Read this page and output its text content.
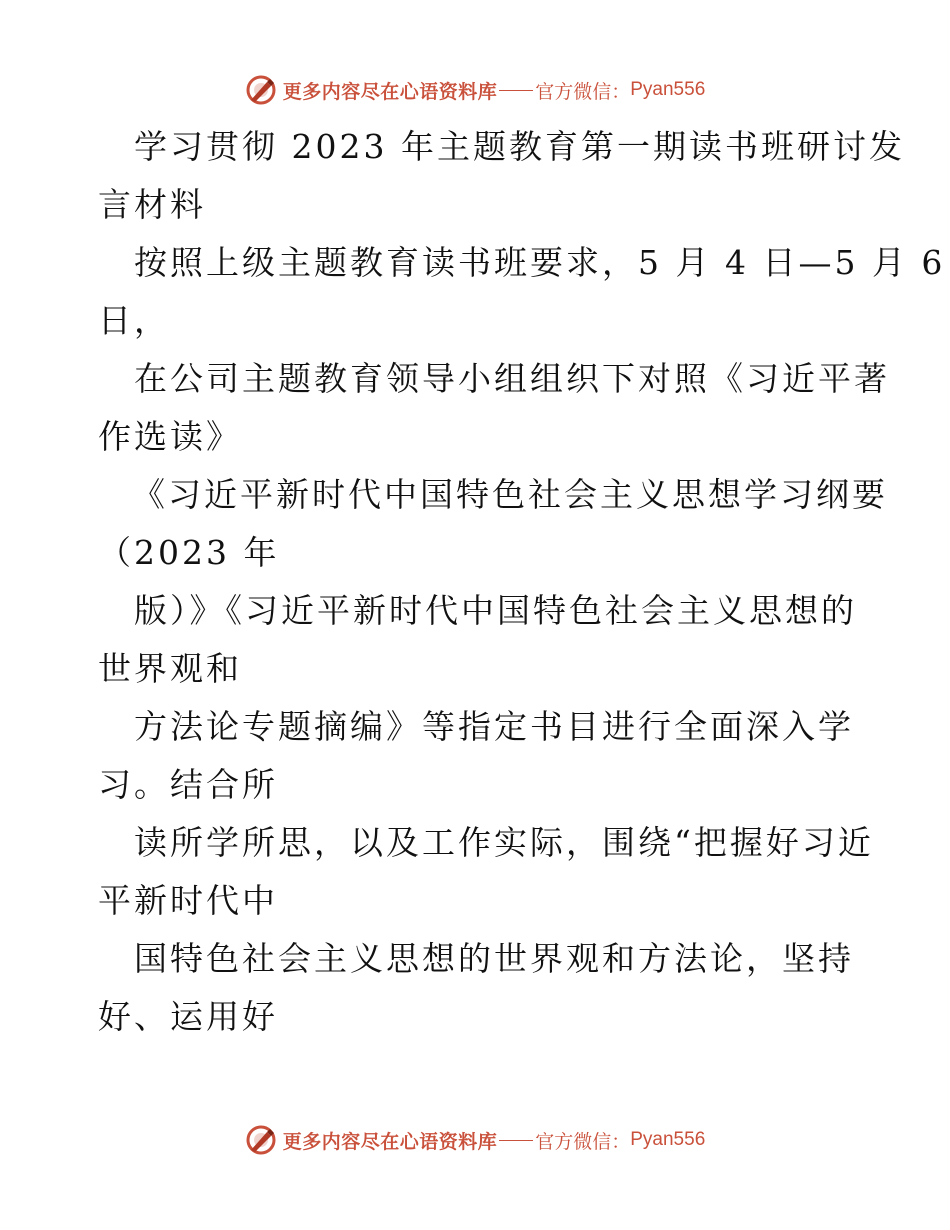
更多内容尽在心语资料库 官方微信： Pyan556
学习贯彻 2023 年主题教育第一期读书班研讨发
言材料
按照上级主题教育读书班要求，5 月 4 日—5 月 6
日，
在公司主题教育领导小组组织下对照《习近平著
作选读》
《习近平新时代中国特色社会主义思想学习纲要
（2023 年
版）》《习近平新时代中国特色社会主义思想的
世界观和
方法论专题摘编》等指定书目进行全面深入学
习。结合所
读所学所思，以及工作实际，围绕“把握好习近
平新时代中
国特色社会主义思想的世界观和方法论，坚持
好、运用好
更多内容尽在心语资料库 官方微信： Pyan556
